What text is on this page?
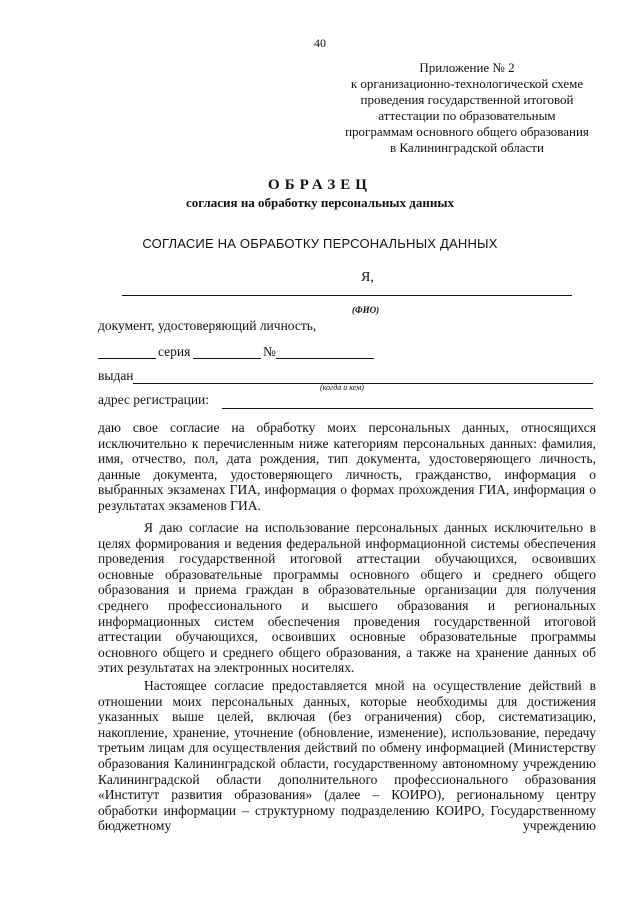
40
Приложение № 2
к организационно-технологической схеме
проведения государственной итоговой
аттестации по образовательным
программам основного общего образования
в Калининградской области
ОБРАЗЕЦ
согласия на обработку персональных данных
СОГЛАСИЕ НА ОБРАБОТКУ ПЕРСОНАЛЬНЫХ ДАННЫХ
Я,
(ФИО)
документ, удостоверяющий личность,
серия	№
выдан
(когда и кем)
адрес регистрации:

даю свое согласие на обработку моих персональных данных, относящихся исключительно к перечисленным ниже категориям персональных данных: фамилия, имя, отчество, пол, дата рождения, тип документа, удостоверяющего личность, данные документа, удостоверяющего личность, гражданство, информация о выбранных экзаменах ГИА, информация о формах прохождения ГИА, информация о результатах экзаменов ГИА.

Я даю согласие на использование персональных данных исключительно в целях формирования и ведения федеральной информационной системы обеспечения проведения государственной итоговой аттестации обучающихся, освоивших основные образовательные программы основного общего и среднего общего образования и приема граждан в образовательные организации для получения среднего профессионального и высшего образования и региональных информационных систем обеспечения проведения государственной итоговой аттестации обучающихся, освоивших основные образовательные программы основного общего и среднего общего образования, а также на хранение данных об этих результатах на электронных носителях.

Настоящее согласие предоставляется мной на осуществление действий в отношении моих персональных данных, которые необходимы для достижения указанных выше целей, включая (без ограничения) сбор, систематизацию, накопление, хранение, уточнение (обновление, изменение), использование, передачу третьим лицам для осуществления действий по обмену информацией (Министерству образования Калининградской области, государственному автономному учреждению Калининградской области дополнительного профессионального образования «Институт развития образования» (далее – КОИРО), региональному центру обработки информации – структурному подразделению КОИРО, Государственному бюджетному учреждению
